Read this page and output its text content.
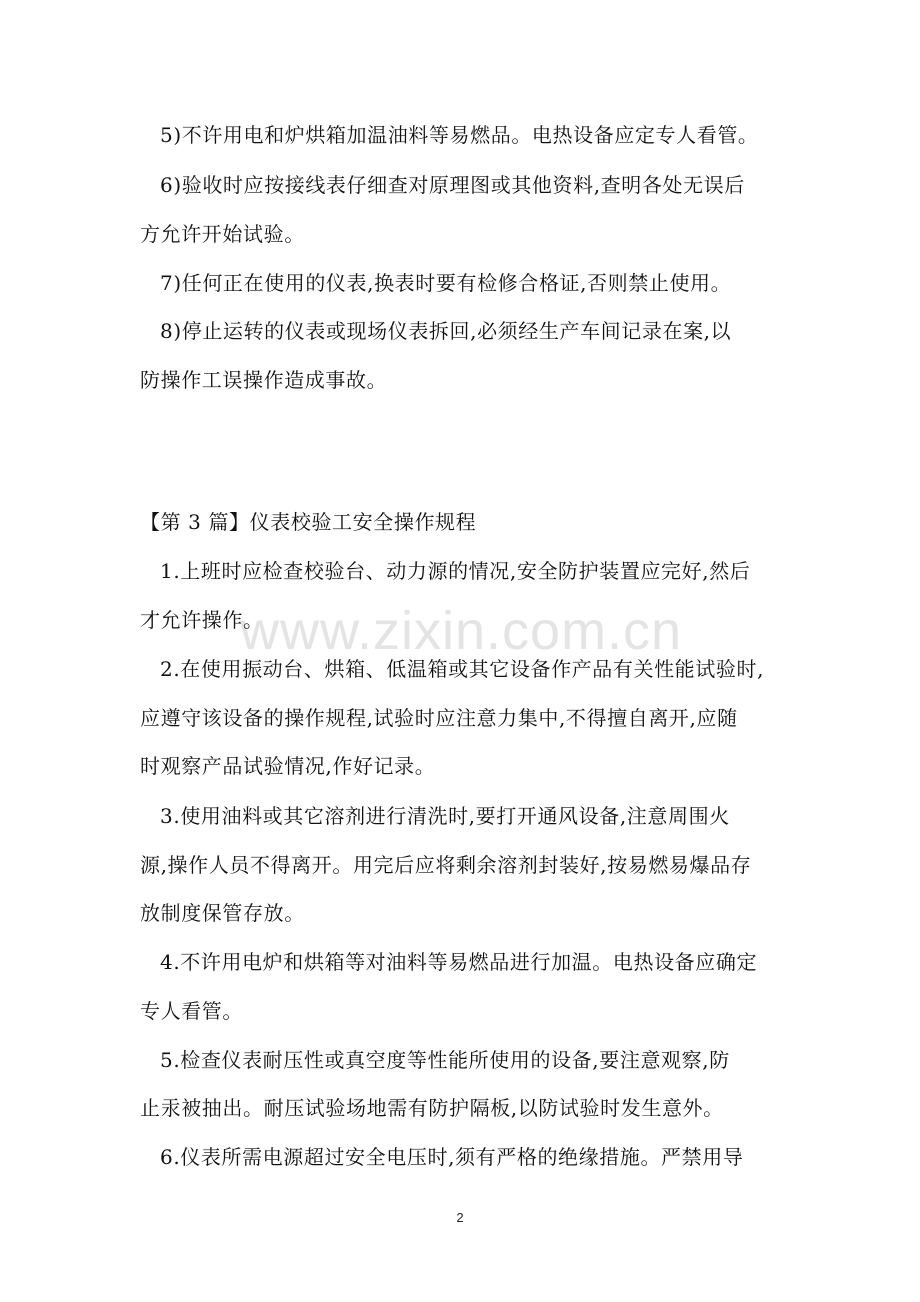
www.zixin.com.cn
5)不许用电和炉烘箱加温油料等易燃品。电热设备应定专人看管。
6)验收时应按接线表仔细查对原理图或其他资料,查明各处无误后
方允许开始试验。
7)任何正在使用的仪表,换表时要有检修合格证,否则禁止使用。
8)停止运转的仪表或现场仪表拆回,必须经生产车间记录在案,以
防操作工误操作造成事故。
【第 3 篇】仪表校验工安全操作规程
1.上班时应检查校验台、动力源的情况,安全防护装置应完好,然后
才允许操作。
2.在使用振动台、烘箱、低温箱或其它设备作产品有关性能试验时,
应遵守该设备的操作规程,试验时应注意力集中,不得擅自离开,应随
时观察产品试验情况,作好记录。
3.使用油料或其它溶剂进行清洗时,要打开通风设备,注意周围火
源,操作人员不得离开。用完后应将剩余溶剂封装好,按易燃易爆品存
放制度保管存放。
4.不许用电炉和烘箱等对油料等易燃品进行加温。电热设备应确定
专人看管。
5.检查仪表耐压性或真空度等性能所使用的设备,要注意观察,防
止汞被抽出。耐压试验场地需有防护隔板,以防试验时发生意外。
6.仪表所需电源超过安全电压时,须有严格的绝缘措施。严禁用导
2
